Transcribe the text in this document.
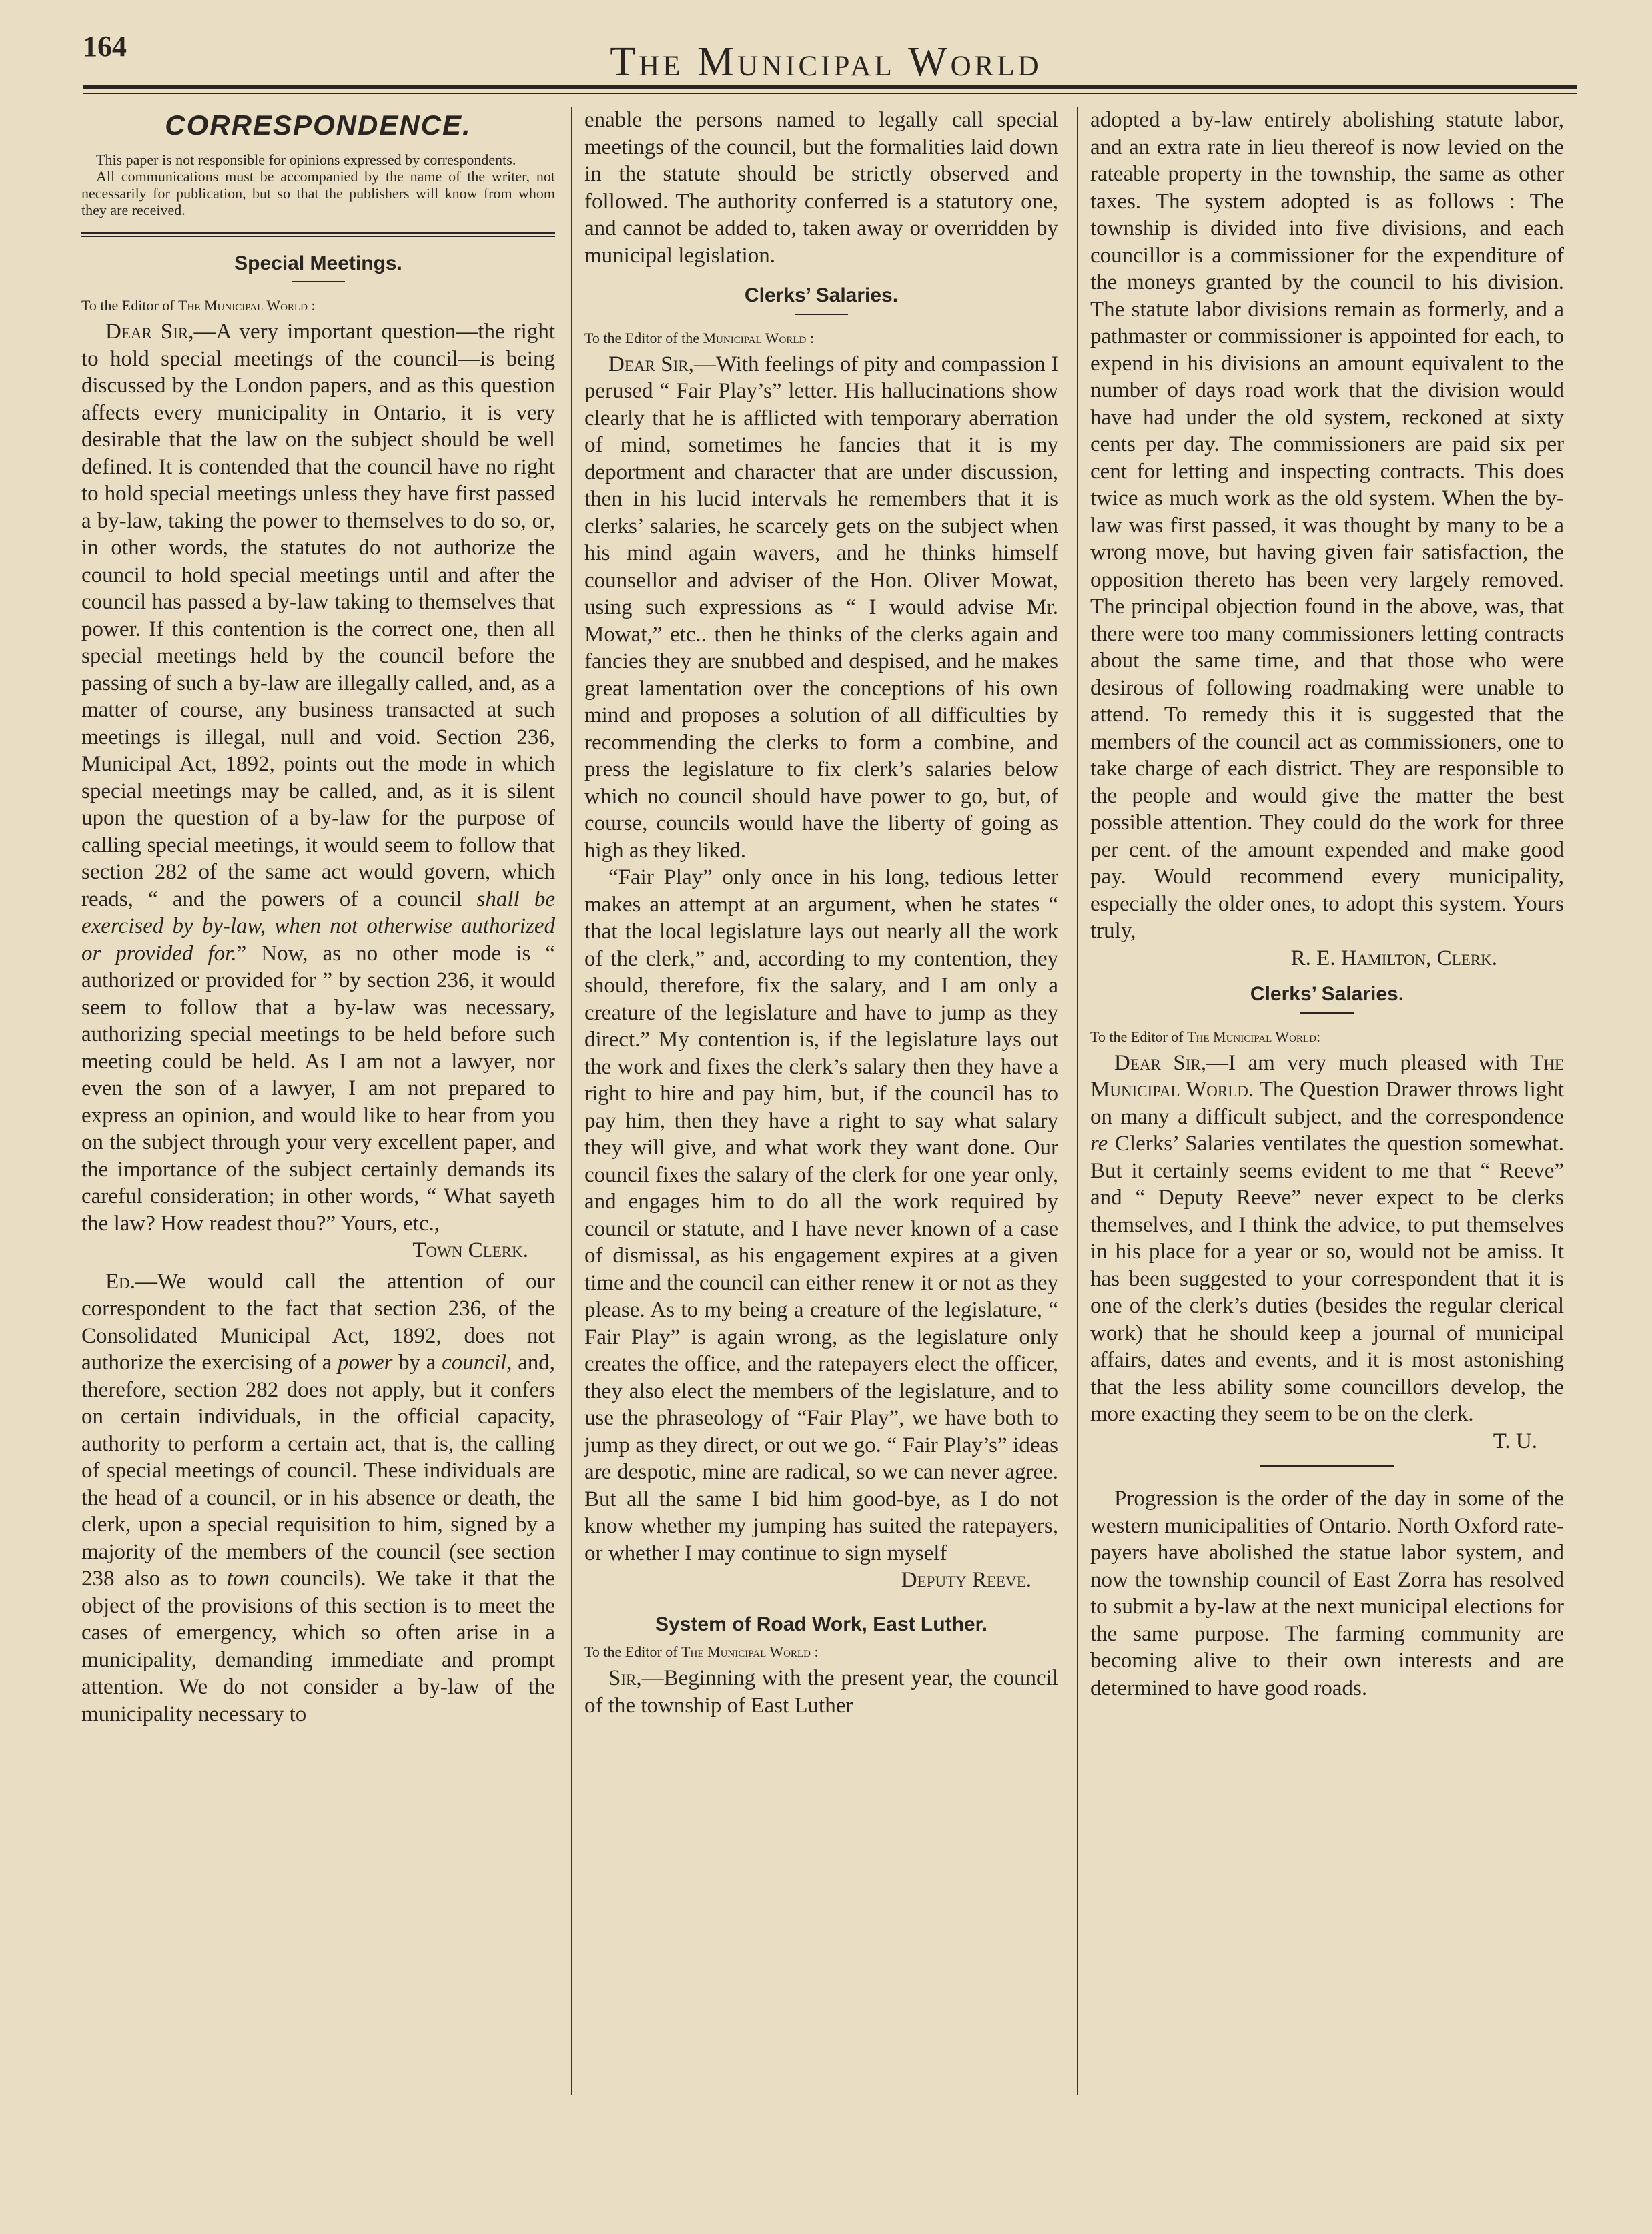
164	The Municipal World
CORRESPONDENCE.

This paper is not responsible for opinions expressed by correspondents.

All communications must be accompanied by the name of the writer, not necessarily for publication, but so that the publishers will know from whom they are received.

Special Meetings.
To the Editor of The Municipal World :

Dear Sir,—A very important question—the right to hold special meetings of the council—is being discussed by the London papers, and as this question affects every municipality in Ontario, it is very desirable that the law on the subject should be well defined. It is contended that the council have no right to hold special meetings unless they have first passed a by-law, taking the power to themselves to do so, or, in other words, the statutes do not authorize the council to hold special meetings until and after the council has passed a by-law taking to themselves that power. If this contention is the correct one, then all special meetings held by the council before the passing of such a by-law are illegally called, and, as a matter of course, any business transacted at such meetings is illegal, null and void. Section 236, Municipal Act, 1892, points out the mode in which special meetings may be called, and, as it is silent upon the question of a by-law for the purpose of calling special meetings, it would seem to follow that section 282 of the same act would govern, which reads, “ and the powers of a council shall be exercised by by-law, when not otherwise authorized or provided for.” Now, as no other mode is “ authorized or provided for ” by section 236, it would seem to follow that a by-law was necessary, authorizing special meetings to be held before such meeting could be held. As I am not a lawyer, nor even the son of a lawyer, I am not prepared to express an opinion, and would like to hear from you on the subject through your very excellent paper, and the importance of the subject certainly demands its careful consideration; in other words, “ What sayeth the law? How readest thou?” Yours, etc.,

Town Clerk.

Ed.—We would call the attention of our correspondent to the fact that section 236, of the Consolidated Municipal Act, 1892, does not authorize the exercising of a power by a council, and, therefore, section 282 does not apply, but it confers on certain individuals, in the official capacity, authority to perform a certain act, that is, the calling of special meetings of council. These individuals are the head of a council, or in his absence or death, the clerk, upon a special requisition to him, signed by a majority of the members of the council (see section 238 also as to town councils). We take it that the object of the provisions of this section is to meet the cases of emergency, which so often arise in a municipality, demanding immediate and prompt attention. We do not consider a by-law of the municipality necessary to

enable the persons named to legally call special meetings of the council, but the formalities laid down in the statute should be strictly observed and followed. The authority conferred is a statutory one, and cannot be added to, taken away or overridden by municipal legislation.

Clerks’ Salaries.
To the Editor of the Municipal World :

Dear Sir,—With feelings of pity and compassion I perused “ Fair Play’s” letter. His hallucinations show clearly that he is afflicted with temporary aberration of mind, sometimes he fancies that it is my deportment and character that are under discussion, then in his lucid intervals he remembers that it is clerks’ salaries, he scarcely gets on the subject when his mind again wavers, and he thinks himself counsellor and adviser of the Hon. Oliver Mowat, using such expressions as “ I would advise Mr. Mowat,” etc.. then he thinks of the clerks again and fancies they are snubbed and despised, and he makes great lamentation over the conceptions of his own mind and proposes a solution of all difficulties by recommending the clerks to form a combine, and press the legislature to fix clerk’s salaries below which no council should have power to go, but, of course, councils would have the liberty of going as high as they liked.

“Fair Play” only once in his long, tedious letter makes an attempt at an argument, when he states “ that the local legislature lays out nearly all the work of the clerk,” and, according to my contention, they should, therefore, fix the salary, and I am only a creature of the legislature and have to jump as they direct.” My contention is, if the legislature lays out the work and fixes the clerk’s salary then they have a right to hire and pay him, but, if the council has to pay him, then they have a right to say what salary they will give, and what work they want done. Our council fixes the salary of the clerk for one year only, and engages him to do all the work required by council or statute, and I have never known of a case of dismissal, as his engagement expires at a given time and the council can either renew it or not as they please. As to my being a creature of the legislature, “ Fair Play” is again wrong, as the legislature only creates the office, and the ratepayers elect the officer, they also elect the members of the legislature, and to use the phraseology of “Fair Play”, we have both to jump as they direct, or out we go. “ Fair Play’s” ideas are despotic, mine are radical, so we can never agree. But all the same I bid him good-bye, as I do not know whether my jumping has suited the ratepayers, or whether I may continue to sign myself

Deputy Reeve.
System of Road Work, East Luther.
To the Editor of The Municipal World :

Sir,—Beginning with the present year, the council of the township of East Luther

adopted a by-law entirely abolishing statute labor, and an extra rate in lieu thereof is now levied on the rateable property in the township, the same as other taxes. The system adopted is as follows : The township is divided into five divisions, and each councillor is a commissioner for the expenditure of the moneys granted by the council to his division. The statute labor divisions remain as formerly, and a pathmaster or commissioner is appointed for each, to expend in his divisions an amount equivalent to the number of days road work that the division would have had under the old system, reckoned at sixty cents per day. The commissioners are paid six per cent for letting and inspecting contracts. This does twice as much work as the old system. When the by-law was first passed, it was thought by many to be a wrong move, but having given fair satisfaction, the opposition thereto has been very largely removed. The principal objection found in the above, was, that there were too many commissioners letting contracts about the same time, and that those who were desirous of following roadmaking were unable to attend. To remedy this it is suggested that the members of the council act as commissioners, one to take charge of each district. They are responsible to the people and would give the matter the best possible attention. They could do the work for three per cent. of the amount expended and make good pay. Would recommend every municipality, especially the older ones, to adopt this system. Yours truly,

R. E. Hamilton, Clerk.
Clerks’ Salaries.
To the Editor of The Municipal World:

Dear Sir,—I am very much pleased with The Municipal World. The Question Drawer throws light on many a difficult subject, and the correspondence re Clerks’ Salaries ventilates the question somewhat. But it certainly seems evident to me that “ Reeve” and “ Deputy Reeve” never expect to be clerks themselves, and I think the advice, to put themselves in his place for a year or so, would not be amiss. It has been suggested to your correspondent that it is one of the clerk’s duties (besides the regular clerical work) that he should keep a journal of municipal affairs, dates and events, and it is most astonishing that the less ability some councillors develop, the more exacting they seem to be on the clerk.

T. U.

Progression is the order of the day in some of the western municipalities of Ontario. North Oxford rate-payers have abolished the statue labor system, and now the township council of East Zorra has resolved to submit a by-law at the next municipal elections for the same purpose. The farming community are becoming alive to their own interests and are determined to have good roads.
